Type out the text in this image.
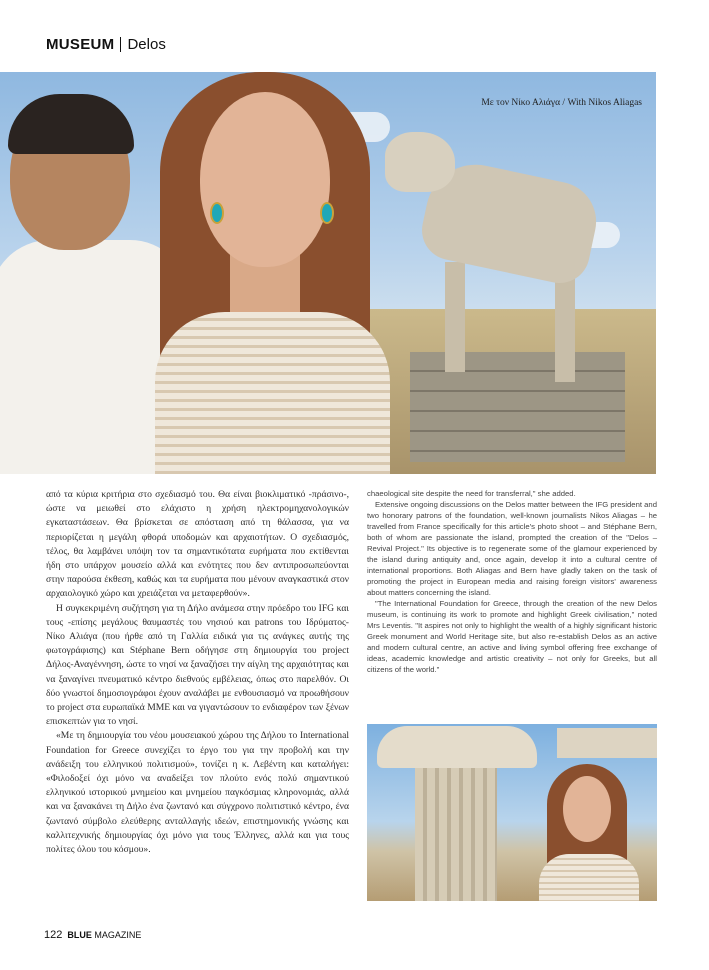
MUSEUM Delos
Με τον Νίκο Αλιάγα / With Nikos Aliagas

από τα κύρια κριτήρια στο σχεδιασμό του. Θα είναι βιοκλιματικό -πράσινο-, ώστε να μειωθεί στο ελάχιστο η χρήση ηλεκτρομηχανολογικών εγκαταστάσεων. Θα βρίσκεται σε απόσταση από τη θάλασσα, για να περιορίζεται η μεγάλη φθορά υποδομών και αρχαιοτήτων. Ο σχεδιασμός, τέλος, θα λαμβάνει υπόψη τον τα σημαντικότατα ευρήματα που εκτίθενται ήδη στο υπάρχον μουσείο αλλά και ενότητες που δεν αντιπροσωπεύονται στην παρούσα έκθεση, καθώς και τα ευρήματα που μένουν αναγκαστικά στον αρχαιολογικό χώρο και χρειάζεται να μεταφερθούν».

Η συγκεκριμένη συζήτηση για τη Δήλο ανάμεσα στην πρόεδρο του IFG και τους -επίσης μεγάλους θαυμαστές του νησιού και patrons του Ιδρύματος- Νίκο Αλιάγα (που ήρθε από τη Γαλλία ειδικά για τις ανάγκες αυτής της φωτογράφισης) και Stéphane Bern οδήγησε στη δημιουργία του project Δήλος-Αναγέννηση, ώστε το νησί να ξαναζήσει την αίγλη της αρχαιότητας και να ξαναγίνει πνευματικό κέντρο διεθνούς εμβέλειας, όπως στο παρελθόν. Οι δύο γνωστοί δημοσιογράφοι έχουν αναλάβει με ενθουσιασμό να προωθήσουν το project στα ευρωπαϊκά ΜΜΕ και να γιγαντώσουν το ενδιαφέρον των ξένων επισκεπτών για το νησί.

«Με τη δημιουργία του νέου μουσειακού χώρου της Δήλου το International Foundation for Greece συνεχίζει το έργο του για την προβολή και την ανάδειξη του ελληνικού πολιτισμού», τονίζει η κ. Λεβέντη και καταλήγει: «Φιλοδοξεί όχι μόνο να αναδείξει τον πλούτο ενός πολύ σημαντικού ελληνικού ιστορικού μνημείου και μνημείου παγκόσμιας κληρονομιάς, αλλά και να ξανακάνει τη Δήλο ένα ζωντανό και σύγχρονο πολιτιστικό κέντρο, ένα ζωντανό σύμβολο ελεύθερης ανταλλαγής ιδεών, επιστημονικής γνώσης και καλλιτεχνικής δημιουργίας όχι μόνο για τους Έλληνες, αλλά και για τους πολίτες όλου του κόσμου».

chaeological site despite the need for transferral," she added.

Extensive ongoing discussions on the Delos matter between the IFG president and two honorary patrons of the foundation, well-known journalists Nikos Aliagas – he travelled from France specifically for this article's photo shoot – and Stéphane Bern, both of whom are passionate the island, prompted the creation of the "Delos – Revival Project." Its objective is to regenerate some of the glamour experienced by the island during antiquity and, once again, develop it into a cultural centre of international proportions. Both Aliagas and Bern have gladly taken on the task of promoting the project in European media and raising foreign visitors' awareness about matters concerning the island.

"The International Foundation for Greece, through the creation of the new Delos museum, is continuing its work to promote and highlight Greek civilisation," noted Mrs Leventis. "It aspires not only to highlight the wealth of a highly significant historic Greek monument and World Heritage site, but also re-establish Delos as an active and modern cultural centre, an active and living symbol offering free exchange of ideas, academic knowledge and artistic creativity – not only for Greeks, but all citizens of the world."

122 BLUE MAGAZINE
